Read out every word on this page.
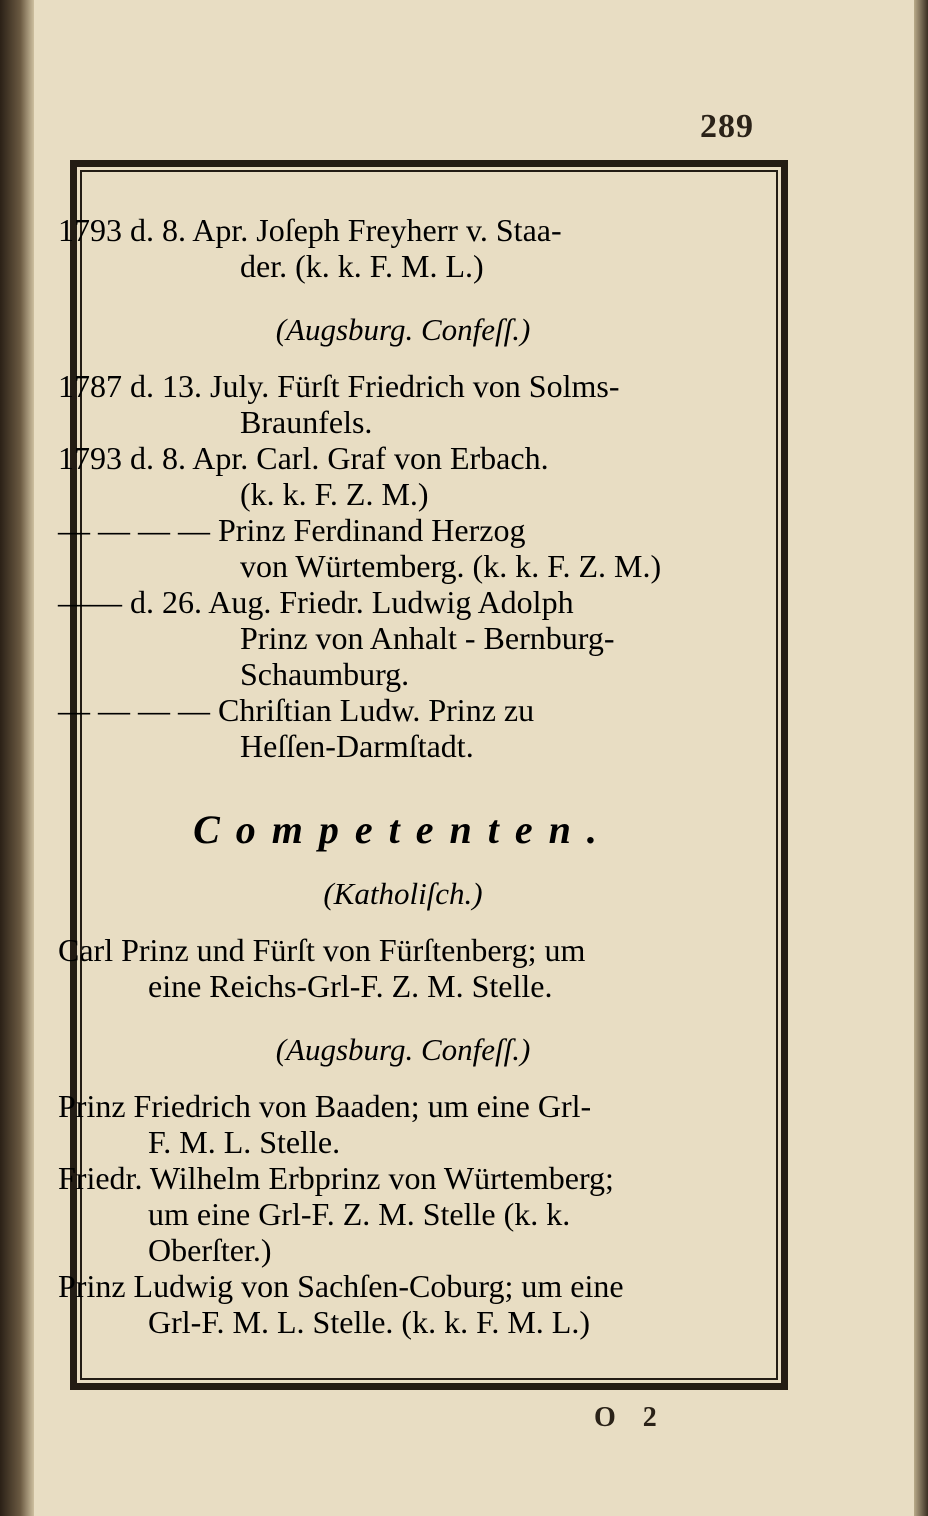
289
O 2
1793 d. 8. Apr. Joſeph Freyherr v. Staa-
der. (k. k. F. M. L.)
(Augsburg. Confeſſ.)
1787 d. 13. July. Fürſt Friedrich von Solms-
Braunfels.
1793 d. 8. Apr. Carl. Graf von Erbach.
(k. k. F. Z. M.)
— — — — Prinz Ferdinand Herzog
von Würtemberg. (k. k. F. Z. M.)
—— d. 26. Aug. Friedr. Ludwig Adolph
Prinz von Anhalt - Bernburg-
Schaumburg.
— — — — Chriſtian Ludw. Prinz zu
Heſſen-Darmſtadt.
Competenten.
(Katholiſch.)
Carl Prinz und Fürſt von Fürſtenberg; um
eine Reichs-Grl-F. Z. M. Stelle.
(Augsburg. Confeſſ.)
Prinz Friedrich von Baaden; um eine Grl-
F. M. L. Stelle.
Friedr. Wilhelm Erbprinz von Würtemberg;
um eine Grl-F. Z. M. Stelle (k. k.
Oberſter.)
Prinz Ludwig von Sachſen-Coburg; um eine
Grl-F. M. L. Stelle. (k. k. F. M. L.)
